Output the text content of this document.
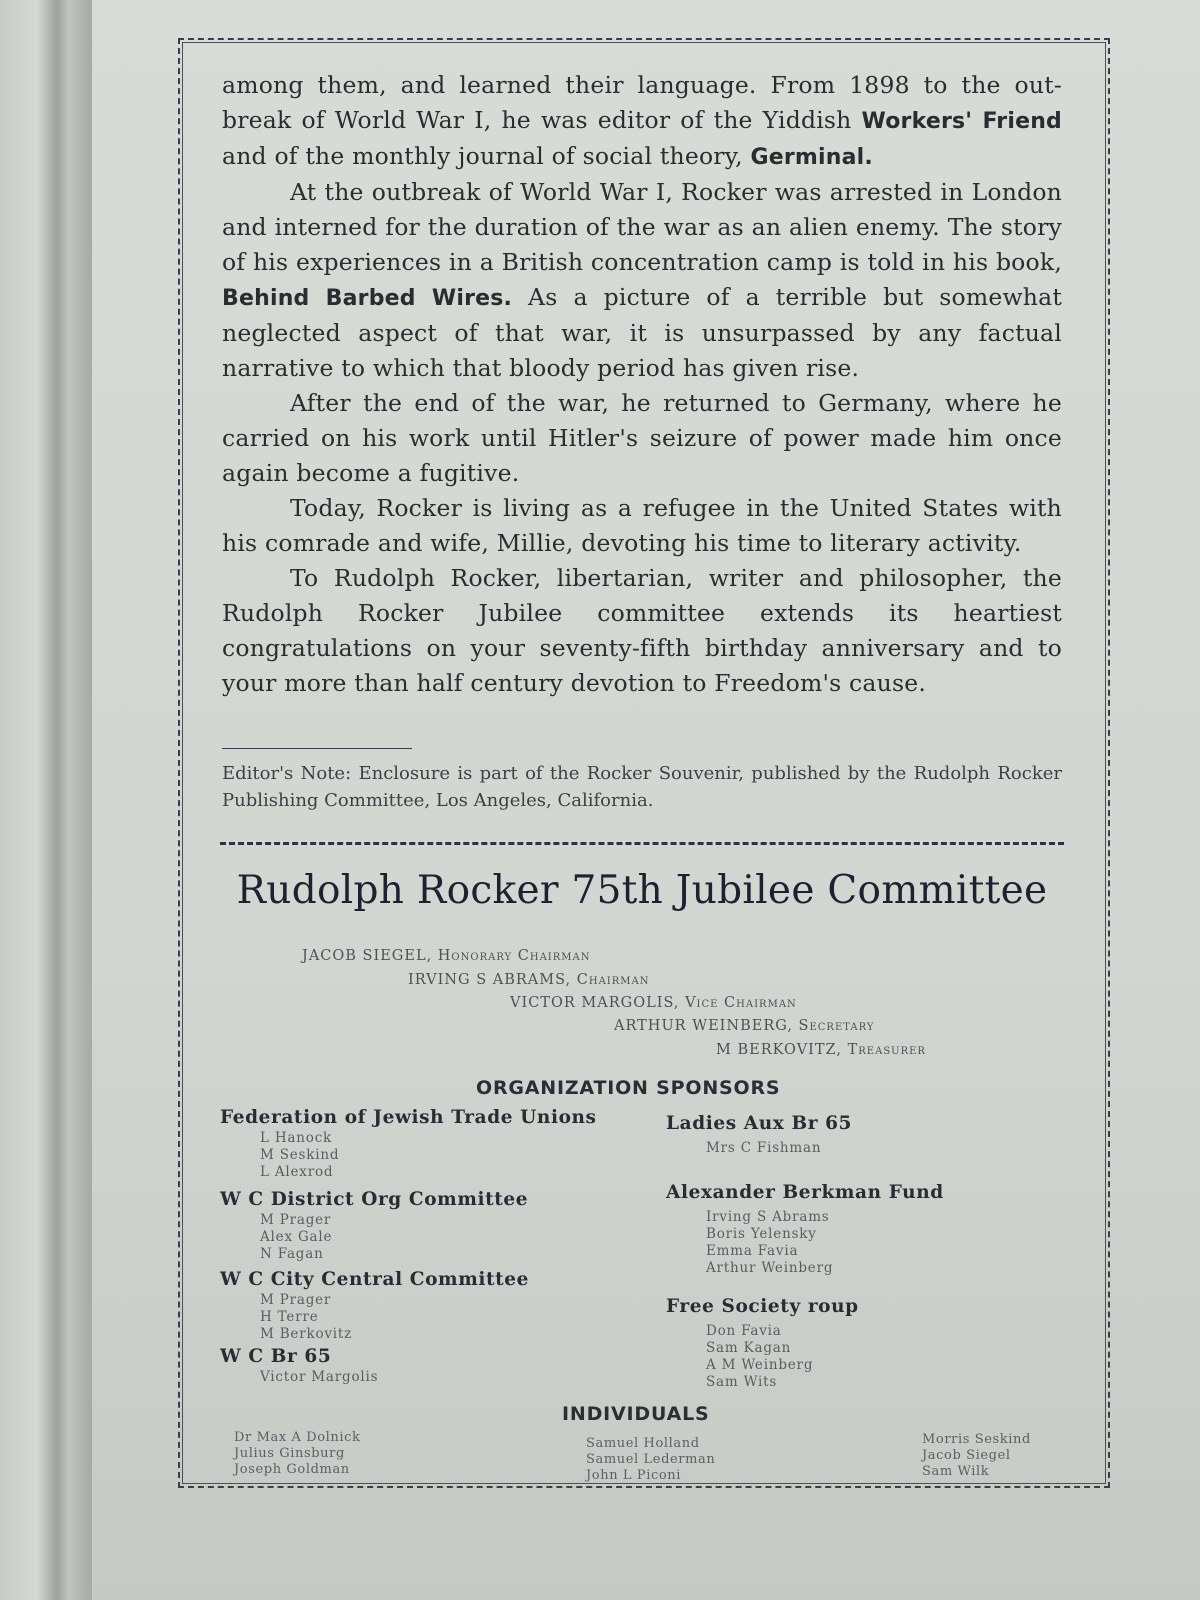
among them, and learned their language. From 1898 to the out-break of World War I, he was editor of the Yiddish Workers' Friend and of the monthly journal of social theory, Germinal.

At the outbreak of World War I, Rocker was arrested in London and interned for the duration of the war as an alien enemy. The story of his experiences in a British concentration camp is told in his book, Behind Barbed Wires. As a picture of a terrible but somewhat neglected aspect of that war, it is unsurpassed by any factual narrative to which that bloody period has given rise.

After the end of the war, he returned to Germany, where he carried on his work until Hitler's seizure of power made him once again become a fugitive.

Today, Rocker is living as a refugee in the United States with his comrade and wife, Millie, devoting his time to literary activity.

To Rudolph Rocker, libertarian, writer and philosopher, the Rudolph Rocker Jubilee committee extends its heartiest congratulations on your seventy-fifth birthday anniversary and to your more than half century devotion to Freedom's cause.

Editor's Note: Enclosure is part of the Rocker Souvenir, published by the Rudolph Rocker Publishing Committee, Los Angeles, California.
Rudolph Rocker 75th Jubilee Committee
JACOB SIEGEL, Honorary Chairman
IRVING S ABRAMS, Chairman
VICTOR MARGOLIS, Vice Chairman
ARTHUR WEINBERG, Secretary
M BERKOVITZ, Treasurer
ORGANIZATION SPONSORS
Federation of Jewish Trade Unions
L Hanock
M Seskind
L Alexrod
W C District Org Committee
M Prager
Alex Gale
N Fagan
W C City Central Committee
M Prager
H Terre
M Berkovitz
W C Br 65
Victor Margolis
Ladies Aux Br 65
Mrs C Fishman
Alexander Berkman Fund
Irving S Abrams
Boris Yelensky
Emma Favia
Arthur Weinberg
Free Society roup
Don Favia
Sam Kagan
A M Weinberg
Sam Wits
INDIVIDUALS
Dr Max A Dolnick
Julius Ginsburg
Joseph Goldman
Samuel Holland
Samuel Lederman
John L Piconi
Morris Seskind
Jacob Siegel
Sam Wilk
